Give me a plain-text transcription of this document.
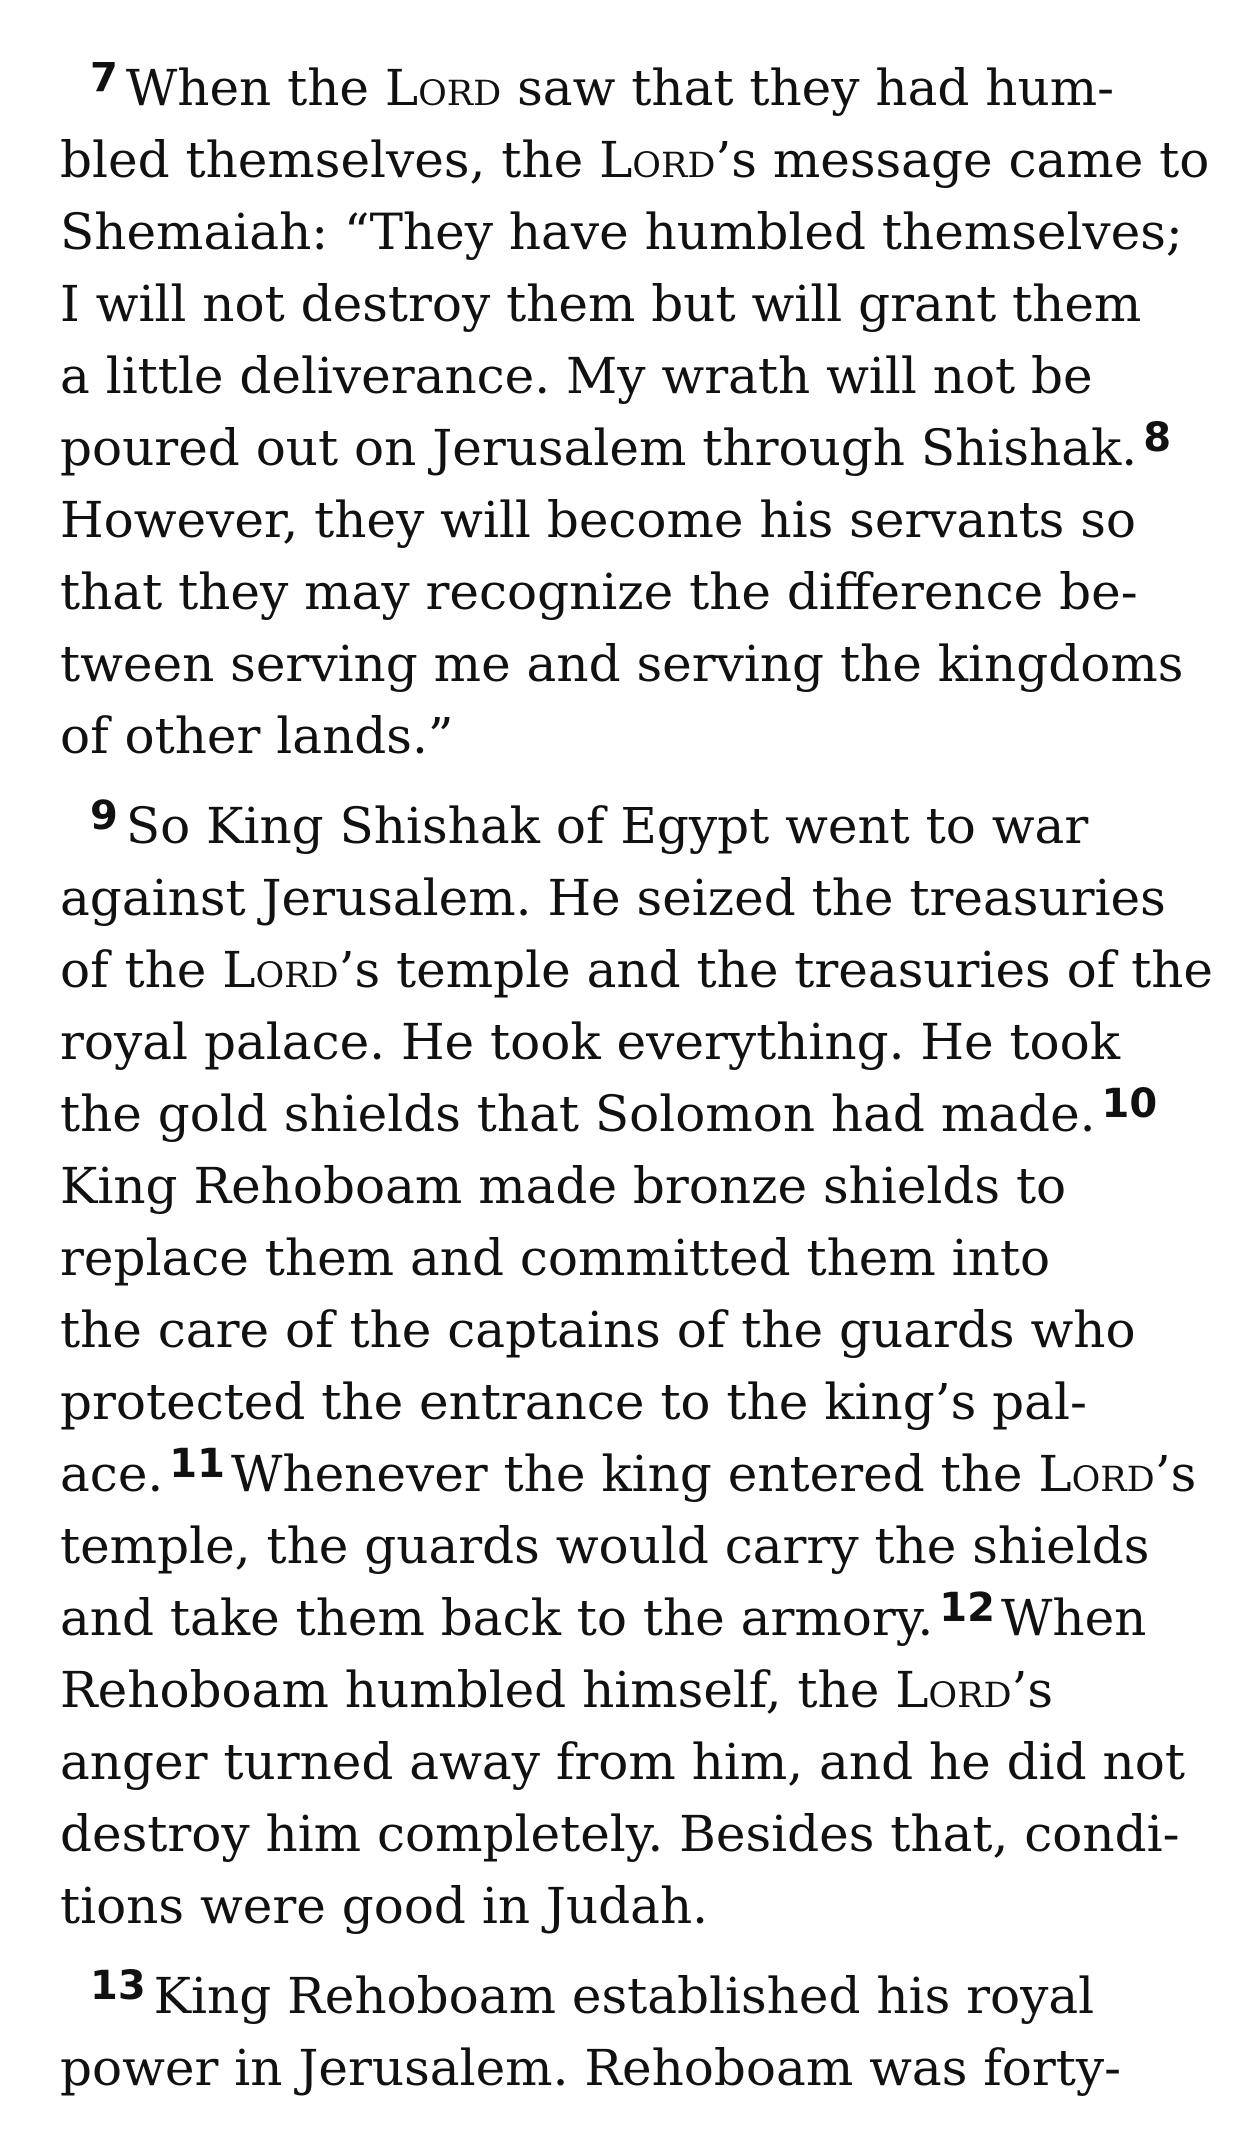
$^7$ When the Lord saw that they had hum-
bled themselves, the Lord’s message came to
Shemaiah: “They have humbled themselves;
I will not destroy them but will grant them
a little deliverance. My wrath will not be
poured out on Jerusalem through Shishak. $^8$
However, they will become his servants so
that they may recognize the difference be-
tween serving me and serving the kingdoms
of other lands.”
$^9$ So King Shishak of Egypt went to war
against Jerusalem. He seized the treasuries
of the Lord’s temple and the treasuries of the
royal palace. He took everything. He took
the gold shields that Solomon had made. $^{10}$
King Rehoboam made bronze shields to
replace them and committed them into
the care of the captains of the guards who
protected the entrance to the king’s pal-
ace. $^{11}$ Whenever the king entered the Lord’s
temple, the guards would carry the shields
and take them back to the armory. $^{12}$ When
Rehoboam humbled himself, the Lord’s
anger turned away from him, and he did not
destroy him completely. Besides that, condi-
tions were good in Judah.
$^{13}$ King Rehoboam established his royal
power in Jerusalem. Rehoboam was forty-
